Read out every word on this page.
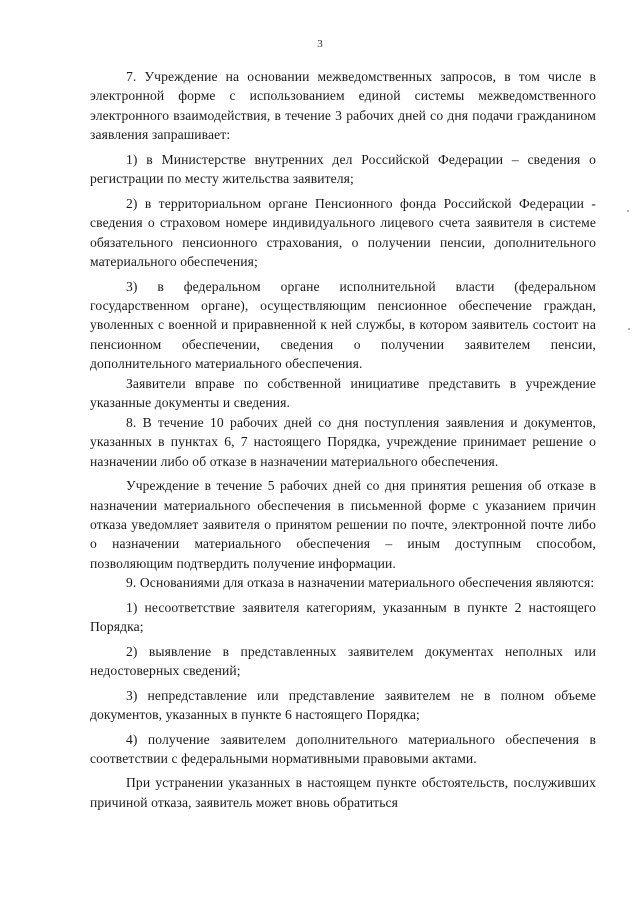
3

7. Учреждение на основании межведомственных запросов, в том числе в электронной форме с использованием единой системы межведомственного электронного взаимодействия, в течение 3 рабочих дней со дня подачи гражданином заявления запрашивает:

1) в Министерстве внутренних дел Российской Федерации – сведения о регистрации по месту жительства заявителя;

2) в территориальном органе Пенсионного фонда Российской Федерации - сведения о страховом номере индивидуального лицевого счета заявителя в системе обязательного пенсионного страхования, о получении пенсии, дополнительного материального обеспечения;

3) в федеральном органе исполнительной власти (федеральном государственном органе), осуществляющим пенсионное обеспечение граждан, уволенных с военной и приравненной к ней службы, в котором заявитель состоит на пенсионном обеспечении, сведения о получении заявителем пенсии, дополнительного материального обеспечения.

Заявители вправе по собственной инициативе представить в учреждение указанные документы и сведения.

8. В течение 10 рабочих дней со дня поступления заявления и документов, указанных в пунктах 6, 7 настоящего Порядка, учреждение принимает решение о назначении либо об отказе в назначении материального обеспечения.

Учреждение в течение 5 рабочих дней со дня принятия решения об отказе в назначении материального обеспечения в письменной форме с указанием причин отказа уведомляет заявителя о принятом решении по почте, электронной почте либо о назначении материального обеспечения – иным доступным способом, позволяющим подтвердить получение информации.

9. Основаниями для отказа в назначении материального обеспечения являются:

1) несоответствие заявителя категориям, указанным в пункте 2 настоящего Порядка;

2) выявление в представленных заявителем документах неполных или недостоверных сведений;

3) непредставление или представление заявителем не в полном объеме документов, указанных в пункте 6 настоящего Порядка;

4) получение заявителем дополнительного материального обеспечения в соответствии с федеральными нормативными правовыми актами.

При устранении указанных в настоящем пункте обстоятельств, послуживших причиной отказа, заявитель может вновь обратиться
